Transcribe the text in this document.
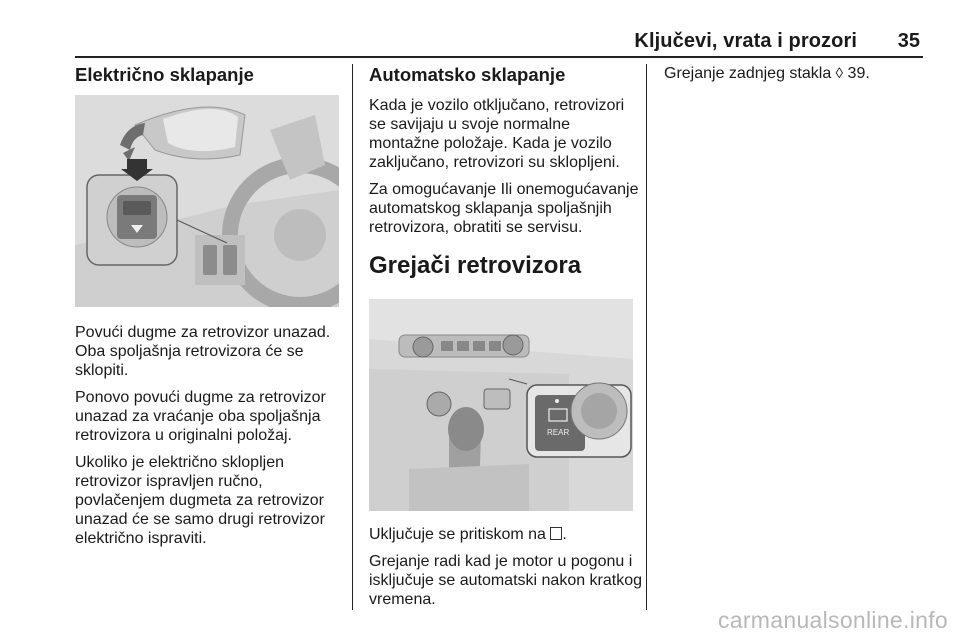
Ključevi, vrata i prozori 35
Električno sklapanje

Povući dugme za retrovizor unazad. Oba spoljašnja retrovizora će se sklopiti.

Ponovo povući dugme za retrovizor unazad za vraćanje oba spoljašnja retrovizora u originalni položaj.

Ukoliko je električno sklopljen retrovizor ispravljen ručno, povlačenjem dugmeta za retrovizor unazad će se samo drugi retrovizor električno ispraviti.

Automatsko sklapanje

Kada je vozilo otključano, retrovizori se savijaju u svoje normalne montažne položaje. Kada je vozilo zaključano, retrovizori su sklopljeni.

Za omogućavanje Ili onemogućavanje automatskog sklapanja spoljašnjih retrovizora, obratiti se servisu.

Grejači retrovizora
REAR

Uključuje se pritiskom na .

Grejanje radi kad je motor u pogonu i isključuje se automatski nakon kratkog vremena.

Grejanje zadnjeg stakla ◊ 39.

carmanualsonline.info
